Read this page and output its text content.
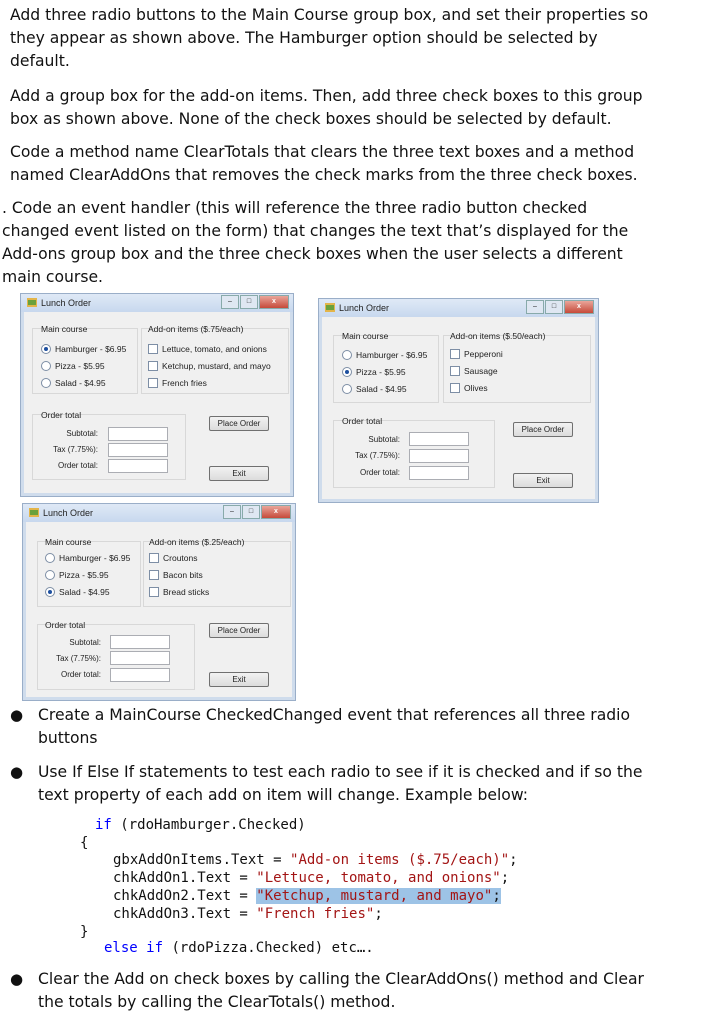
Add three radio buttons to the Main Course group box, and set their properties so they appear as shown above. The Hamburger option should be selected by default.
Add a group box for the add-on items. Then, add three check boxes to this group box as shown above. None of the check boxes should be selected by default.
Code a method name ClearTotals that clears the three text boxes and a method named ClearAddOns that removes the check marks from the three check boxes.
. Code an event handler (this will reference the three radio button checked changed event listed on the form) that changes the text that’s displayed for the Add-ons group box and the three check boxes when the user selects a different main course.
Lunch Order	– □	x
Main course
Hamburger - $6.95
Pizza - $5.95
Salad - $4.95
Add-on items ($.75/each)
Lettuce, tomato, and onions
Ketchup, mustard, and mayo
French fries
Order total
Subtotal:
Tax (7.75%):
Order total:
Place Order
Exit
Lunch Order	– □	x
Main course
Hamburger - $6.95
Pizza - $5.95
Salad - $4.95
Add-on items ($.50/each)
Pepperoni
Sausage
Olives
Order total
Subtotal:
Tax (7.75%):
Order total:
Place Order
Exit
Lunch Order	– □	x
Main course
Hamburger - $6.95
Pizza - $5.95
Salad - $4.95
Add-on items ($.25/each)
Croutons
Bacon bits
Bread sticks
Order total
Subtotal:
Tax (7.75%):
Order total:
Place Order
Exit
● Create a MainCourse CheckedChanged event that references all three radio buttons
● Use If Else If statements to test each radio to see if it is checked and if so the text property of each add on item will change. Example below:
if (rdoHamburger.Checked)
{
gbxAddOnItems.Text = "Add-on items ($.75/each)";
chkAddOn1.Text = "Lettuce, tomato, and onions";
chkAddOn2.Text = "Ketchup, mustard, and mayo";
chkAddOn3.Text = "French fries";
}
else if (rdoPizza.Checked) etc….
● Clear the Add on check boxes by calling the ClearAddOns() method and Clear the totals by calling the ClearTotals() method.
